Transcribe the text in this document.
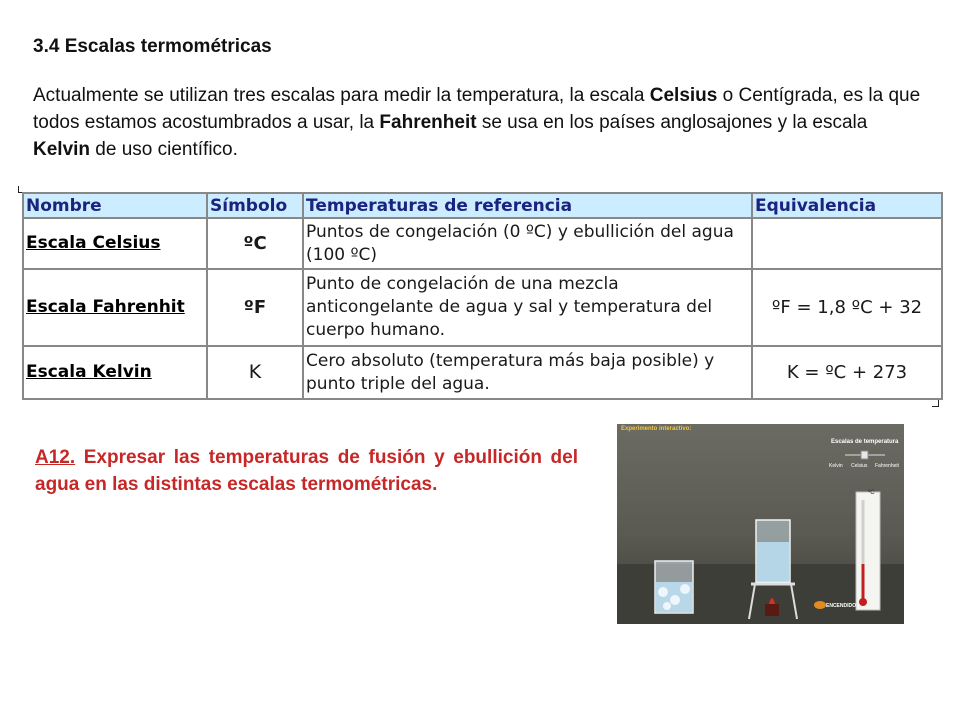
3.4 Escalas termométricas
Actualmente se utilizan tres escalas para medir la temperatura, la escala Celsius o Centígrada, es la que todos estamos acostumbrados a usar, la Fahrenheit se usa en los países anglosajones y la escala Kelvin de uso científico.
Nombre	Símbolo	Temperaturas de referencia	Equivalencia
Escala Celsius	ºC	Puntos de congelación (0 ºC) y ebullición del agua (100 ºC)	
Escala Fahrenhit	ºF	Punto de congelación de una mezcla anticongelante de agua y sal y temperatura del cuerpo humano.	ºF = 1,8 ºC + 32
Escala Kelvin	K	Cero absoluto (temperatura más baja posible) y punto triple del agua.	K = ºC + 273
A12. Expresar las temperaturas de fusión y ebullición del agua en las distintas escalas termométricas.
Experimento interactivo:
Escalas de temperatura
Kelvin Celsius Fahrenheit
ºC
ENCENDIDO
